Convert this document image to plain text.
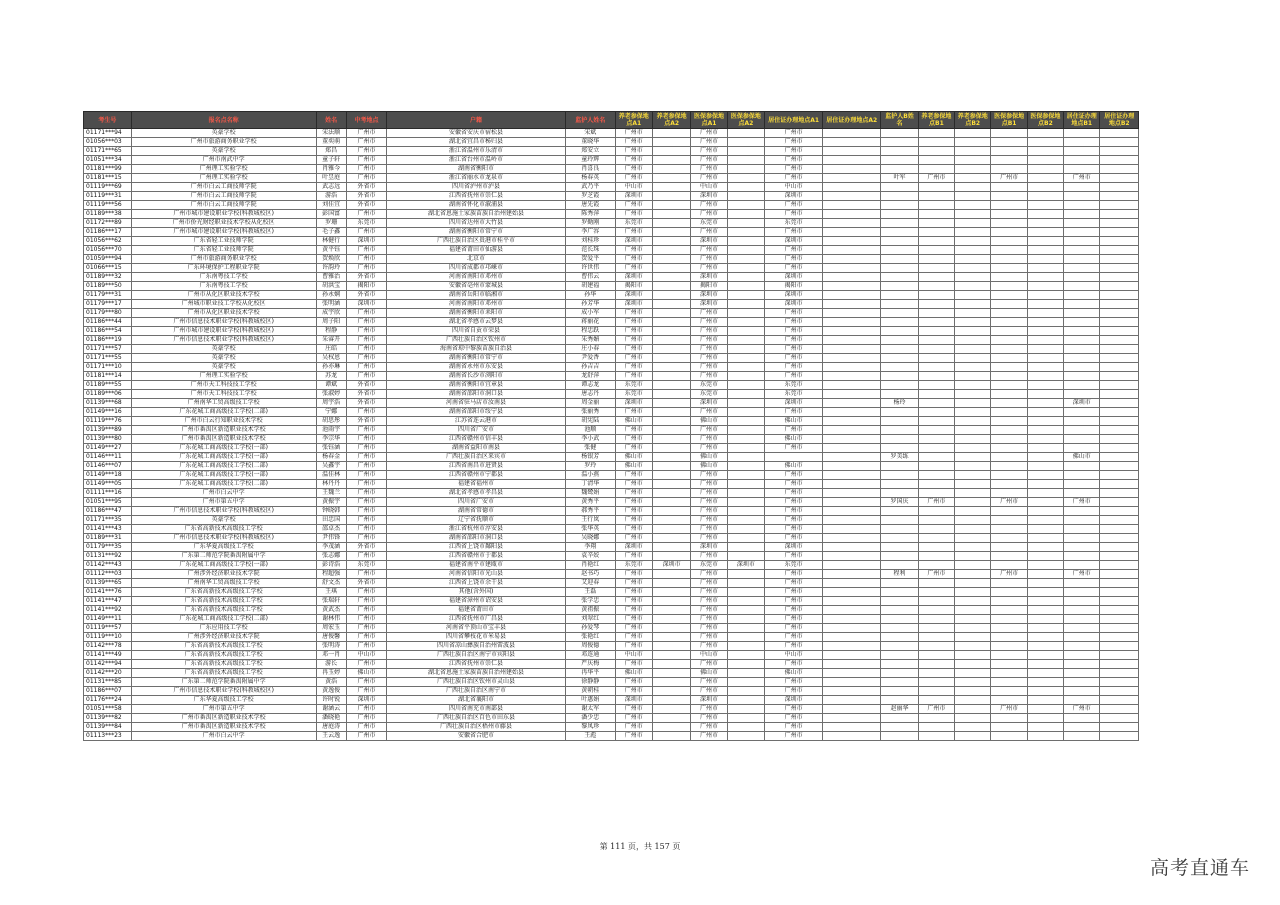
考生号	报名点名称	姓名	中考地点	户籍	监护人姓名	养老参保地点A1	养老参保地点A2	医保参保地点A1	医保参保地点A2	居住证办理地点A1	居住证办理地点A2	监护人B姓名	养老参保地点B1	养老参保地点B2	医保参保地点B1	医保参保地点B2	居住证办理地点B1	居住证办理地点B2
01171***94	英豪学校	宋法顺	广州市	安徽省安庆市宿松县	宋斌	广州市		广州市		广州市								
01056***03	广州市旅游商务职业学校	董奕萌	广州市	湖北省宜昌市秭归县	董晓华	广州市		广州市		广州市								
01171***65	英豪学校	郑昌	广州市	浙江省温州市乐清市	郑安立	广州市		广州市		广州市								
01051***34	广州市南武中学	童子轩	广州市	浙江省台州市温岭市	童玲辉	广州市		广州市		广州市								
01181***99	广州理工实验学校	肖雅今	广州市	湖南省衡阳市	肖喜良	广州市		广州市		广州市								
01181***15	广州理工实验学校	叶昱庭	广州市	浙江省丽水市龙泉市	杨春英	广州市		广州市		广州市		叶军	广州市		广州市		广州市	
01119***69	广州市白云工商技师学院	武志远	外省市	四川省泸州市泸县	武乃平	中山市		中山市		中山市								
01119***31	广州市白云工商技师学院	游浩	外省市	江西省抚州市崇仁县	罗芝霞	深圳市		深圳市		深圳市								
01119***56	广州市白云工商技师学院	刘佳宜	外省市	湖南省怀化市溆浦县	唐先霞	广州市		广州市		广州市								
01189***38	广州市城市建设职业学校(科教城校区)	彭国富	广州市	湖北省恩施土家族苗族自治州建始县	陈秀萍	广州市		广州市		广州市								
01172***89	广州市侨光财经职业技术学校从化校区	罗珊	东莞市	四川省达州市大竹县	罗勤刚	东莞市		东莞市		东莞市								
01186***17	广州市城市建设职业学校(科教城校区)	毛子鑫	广州市	湖南省衡阳市常宁市	李广容	广州市		广州市		广州市								
01056***62	广东省轻工业技师学院	林健行	深圳市	广西壮族自治区贵港市桂平市	刘桂珍	深圳市		深圳市		深圳市								
01056***70	广东省轻工业技师学院	黄平钰	广州市	福建省莆田市仙游县	范长珠	广州市		广州市		广州市								
01059***94	广州市旅游商务职业学校	贺焕欣	广州市	北京市	贺爱平	广州市		广州市		广州市								
01066***15	广东环境保护工程职业学院	许韵玲	广州市	四川省成都市邛崃市	许世伟	广州市		广州市		广州市								
01189***32	广东南粤技工学校	曹雅治	外省市	河南省南阳市邓州市	曹伟云	深圳市		深圳市		深圳市								
01189***50	广东南粤技工学校	胡洪宝	揭阳市	安徽省亳州市蒙城县	胡建福	揭阳市		揭阳市		揭阳市								
01179***31	广州市从化区职业技术学校	孙永娴	外省市	湖南省岳阳市临湘市	孙华	深圳市		深圳市		深圳市								
01179***17	广州城市职业技工学校从化校区	张明涵	深圳市	河南省南阳市邓州市	孙芳华	深圳市		深圳市		深圳市								
01179***80	广州市从化区职业技术学校	成宇欣	广州市	湖南省衡阳市耒阳市	成小军	广州市		广州市		广州市								
01186***44	广州市信息技术职业学校(科教城校区)	周子阳	广州市	湖北省孝感市云梦县	蒋丽花	广州市		广州市		广州市								
01186***54	广州市城市建设职业学校(科教城校区)	程静	广州市	四川省自贡市荣县	程忠跃	广州市		广州市		广州市								
01186***19	广州市信息技术职业学校(科教城校区)	朱睿开	广州市	广西壮族自治区钦州市	朱秀媚	广州市		广州市		广州市								
01171***57	英豪学校	庄皓	广州市	海南省琼中黎族苗族自治县	庄小春	广州市		广州市		广州市								
01171***55	英豪学校	吴权恩	广州市	湖南省衡阳市常宁市	尹爱香	广州市		广州市		广州市								
01171***10	英豪学校	孙亦琳	广州市	湖南省永州市东安县	孙吉吉	广州市		广州市		广州市								
01181***14	广州理工实验学校	苏龙	广州市	湖南省长沙市浏阳市	龙舒萍	广州市		广州市		广州市								
01189***55	广州市天工科技技工学校	谭斌	外省市	湖南省衡阳市宜章县	谭志龙	东莞市		东莞市		东莞市								
01189***06	广州市天工科技技工学校	张淑婷	外省市	湖南省邵阳市洞口县	唐志丹	东莞市		东莞市		东莞市								
01139***68	广州南华工贸高级技工学校	周宇浩	外省市	河南省驻马店市汝南县	周金丽	深圳市		深圳市		深圳市		杨玲					深圳市	
01149***16	广东花城工商高级技工学校(二部)	宁娜	广州市	湖南省邵阳市绥宁县	张丽秀	广州市		广州市		广州市								
01119***76	广州市白云行知职业技术学校	胡思彤	外省市	江苏省连云港市	胡宪陆	佛山市		佛山市		佛山市								
01139***89	广州市番禺区新造职业技术学校	池雨宇	广州市	四川省广安市	池顺	广州市		广州市		广州市								
01139***80	广州市番禺区新造职业技术学校	李宗华	广州市	江西省赣州市信丰县	李小武	广州市		广州市		佛山市								
01149***27	广东花城工商高级技工学校(一部)	张钰涵	广州市	湖南省益阳市南县	张健	广州市		广州市		广州市								
01146***11	广东花城工商高级技工学校(一部)	杨春金	广州市	广西壮族自治区来宾市	杨银芳	佛山市		佛山市				罗美练					佛山市	
01146***07	广东花城工商高级技工学校(二部)	吴鑫宇	广州市	江西省南昌市进贤县	罗玲	佛山市		佛山市		佛山市								
01149***18	广东花城工商高级技工学校(一部)	温佳林	广州市	江西省赣州市宁都县	温小燕	广州市		广州市		广州市								
01149***05	广东花城工商高级技工学校(二部)	林丹丹	广州市	福建省福州市	丁清华	广州市		广州市		广州市								
01111***16	广州市白云中学	王魏兰	广州市	湖北省孝感市孝昌县	魏鹭娟	广州市		广州市		广州市								
01051***95	广州市第五中学	黄振宇	广州市	四川省广安市	黄秀平	广州市		广州市		广州市		罗国庆	广州市		广州市		广州市	
01186***47	广州市信息技术职业学校(科教城校区)	钟晓韩	广州市	湖南省常德市	郝秀平	广州市		广州市		广州市								
01171***35	英豪学校	田忠国	广州市	辽宁省抚顺市	王行岚	广州市		广州市		广州市								
01141***43	广东省高新技术高级技工学校	邵卓杰	广州市	浙江省杭州市淳安县	张华英	广州市		广州市		广州市								
01189***31	广州市信息技术职业学校(科教城校区)	尹伟锋	广州市	湖南省邵阳市洞口县	吴晓娜	广州市		广州市		广州市								
01179***35	广东华夏高级技工学校	李茂涵	外省市	江西省上饶市鄱阳县	李翔	深圳市		深圳市		深圳市								
01131***92	广东第二师范学院番禺附属中学	张志娜	广州市	江西省赣州市于都县	袁辛姣	广州市		广州市		广州市								
01142***43	广东花城工商高级技工学校(一部)	彭诗浩	东莞市	福建省南平市建瓯市	肖艳红	东莞市	深圳市	东莞市	深圳市	东莞市								
01112***03	广州涉外经济职业技术学院	程超强	广州市	河南省信阳市光山县	赵书巧	广州市		广州市		广州市		程利	广州市		广州市		广州市	
01139***65	广州南华工贸高级技工学校	舒文杰	外省市	江西省上饶市余干县	艾迎春	广州市		广州市		广州市								
01141***76	广东省高新技术高级技工学校	王琪	广州市	其他(含外国)	王磊	广州市		广州市		广州市								
01141***47	广东省高新技术高级技工学校	张瑞轩	广州市	福建省漳州市诏安县	张学忠	广州市		广州市		广州市								
01141***92	广东省高新技术高级技工学校	黄武杰	广州市	福建省莆田市	黄祖振	广州市		广州市		广州市								
01149***11	广东花城工商高级技工学校(二部)	谢林伟	广州市	江西省抚州市广昌县	刘翠红	广州市		广州市		广州市								
01119***57	广东应用技工学校	周宏玉	广州市	河南省平顶山市宝丰县	孙爱琴	广州市		广州市		广州市								
01119***10	广州涉外经济职业技术学院	唐俊馨	广州市	四川省攀枝花市米易县	张艳红	广州市		广州市		广州市								
01142***78	广东省高新技术高级技工学校	张明涛	广州市	四川省凉山彝族自治州雷波县	周俊德	广州市		广州市		广州市								
01141***49	广东省高新技术高级技工学校	邓一肖	中山市	广西壮族自治区南宁市宾阳县	邓连通	中山市		中山市		中山市								
01142***94	广东省高新技术高级技工学校	游长	广州市	江西省抚州市崇仁县	严庆梅	广州市		广州市		广州市								
01142***20	广东省高新技术高级技工学校	冉玉婷	佛山市	湖北省恩施土家族苗族自治州建始县	冉华平	佛山市		佛山市		佛山市								
01131***85	广东第二师范学院番禺附属中学	黄浩	广州市	广西壮族自治区钦州市灵山县	徐静静	广州市		广州市		广州市								
01186***07	广州市信息技术职业学校(科教城校区)	黄逸俊	广州市	广西壮族自治区南宁市	黄朝桂	广州市		广州市		广州市								
01176***24	广东华夏高级技工学校	许时锐	深圳市	湖北省襄阳市	叶惠娟	深圳市		深圳市		深圳市								
01051***58	广州市第五中学	谢涵云	广州市	四川省南充市南部县	谢太军	广州市		广州市		广州市		赵丽华	广州市		广州市		广州市	
01139***82	广州市番禺区新造职业技术学校	潘晓艳	广州市	广西壮族自治区百色市田东县	潘少忠	广州市		广州市		广州市								
01139***84	广州市番禺区新造职业技术学校	唐庭涛	广州市	广西壮族自治区梧州市藤县	黎凤珍	广州市		广州市		广州市								
01113***23	广州市白云中学	王云逸	广州市	安徽省合肥市	王彪	广州市		广州市		广州市								
第 111 页，共 157 页
高考直通车
